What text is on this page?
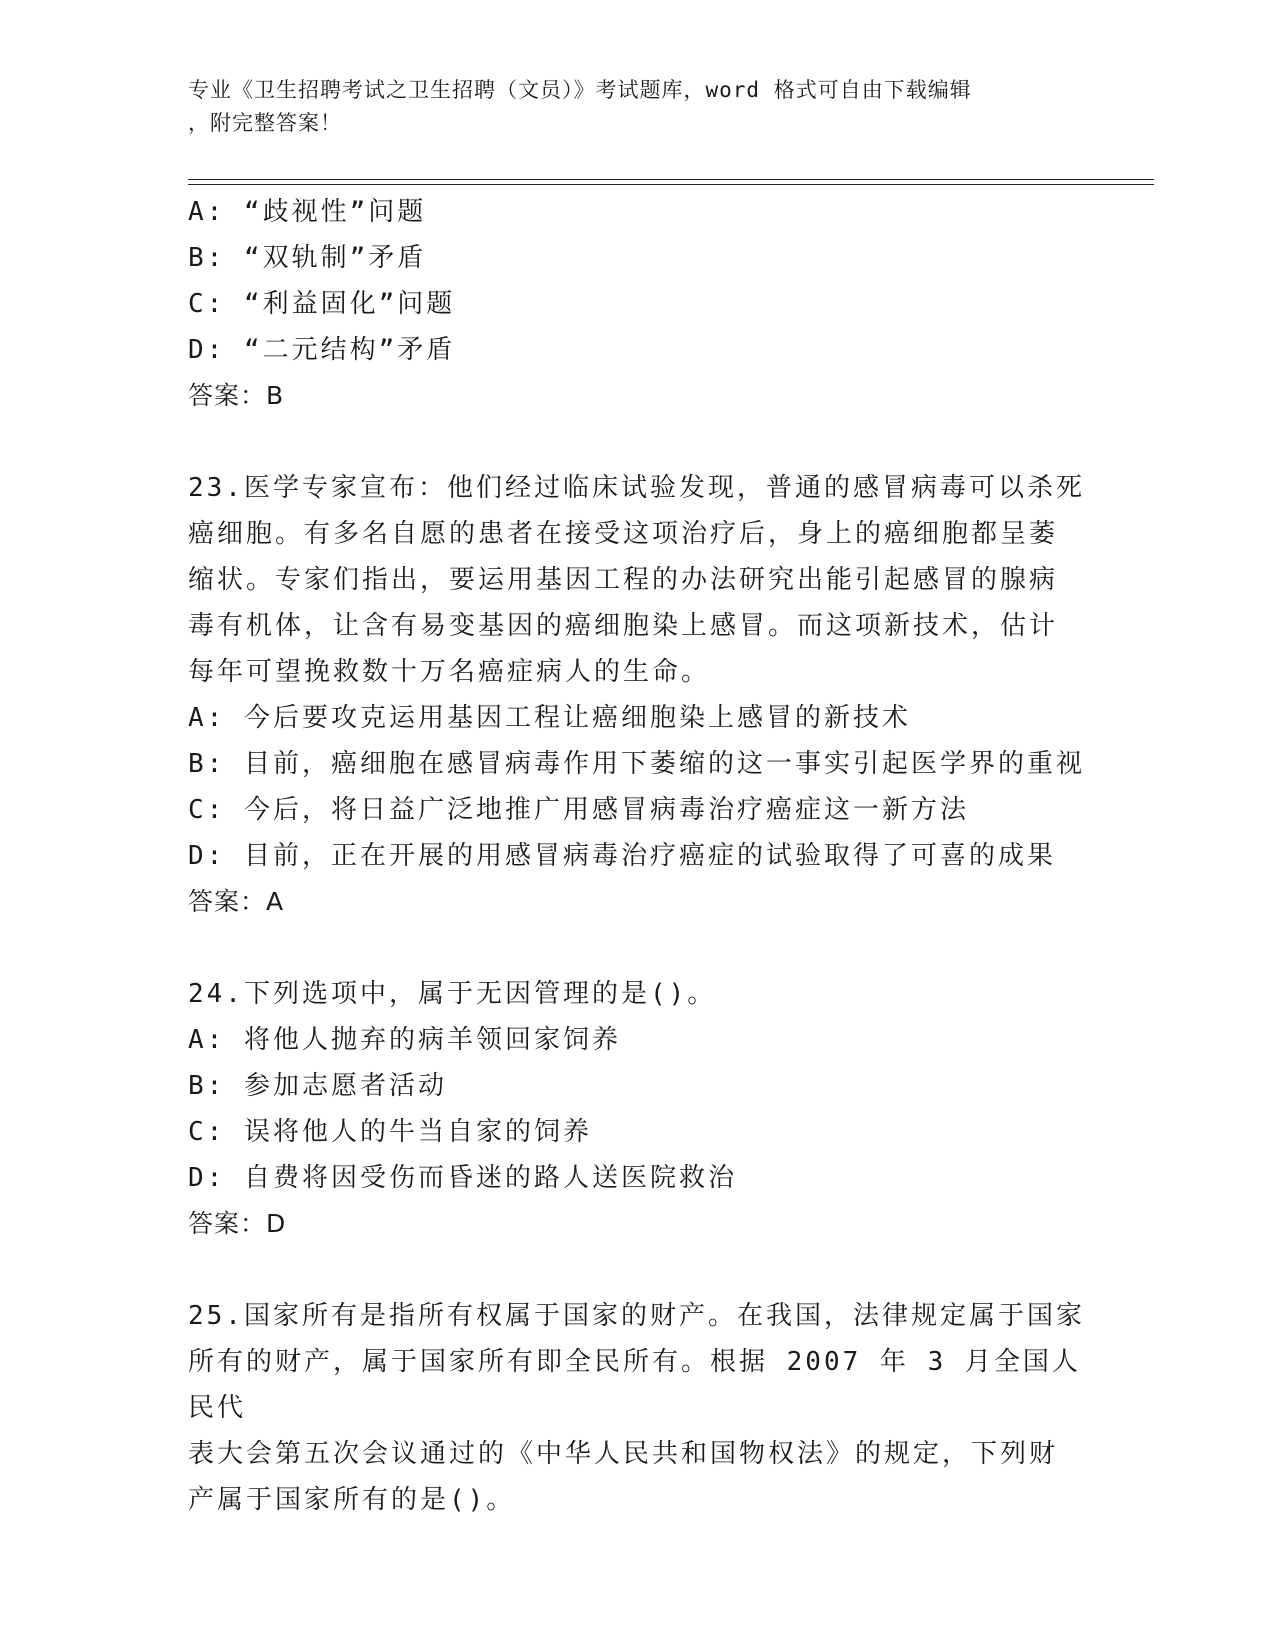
专业《卫生招聘考试之卫生招聘（文员）》考试题库，word 格式可自由下载编辑
，附完整答案！

A: “歧视性”问题

B: “双轨制”矛盾

C: “利益固化”问题

D: “二元结构”矛盾

答案：B

23.医学专家宣布：他们经过临床试验发现，普通的感冒病毒可以杀死

癌细胞。有多名自愿的患者在接受这项治疗后，身上的癌细胞都呈萎

缩状。专家们指出，要运用基因工程的办法研究出能引起感冒的腺病

毒有机体，让含有易变基因的癌细胞染上感冒。而这项新技术，估计

每年可望挽救数十万名癌症病人的生命。

A: 今后要攻克运用基因工程让癌细胞染上感冒的新技术

B: 目前，癌细胞在感冒病毒作用下萎缩的这一事实引起医学界的重视

C: 今后，将日益广泛地推广用感冒病毒治疗癌症这一新方法

D: 目前，正在开展的用感冒病毒治疗癌症的试验取得了可喜的成果

答案：A

24.下列选项中，属于无因管理的是()。

A: 将他人抛弃的病羊领回家饲养

B: 参加志愿者活动

C: 误将他人的牛当自家的饲养

D: 自费将因受伤而昏迷的路人送医院救治

答案：D

25.国家所有是指所有权属于国家的财产。在我国，法律规定属于国家

所有的财产，属于国家所有即全民所有。根据 2007 年 3 月全国人民代

表大会第五次会议通过的《中华人民共和国物权法》的规定，下列财

产属于国家所有的是()。
